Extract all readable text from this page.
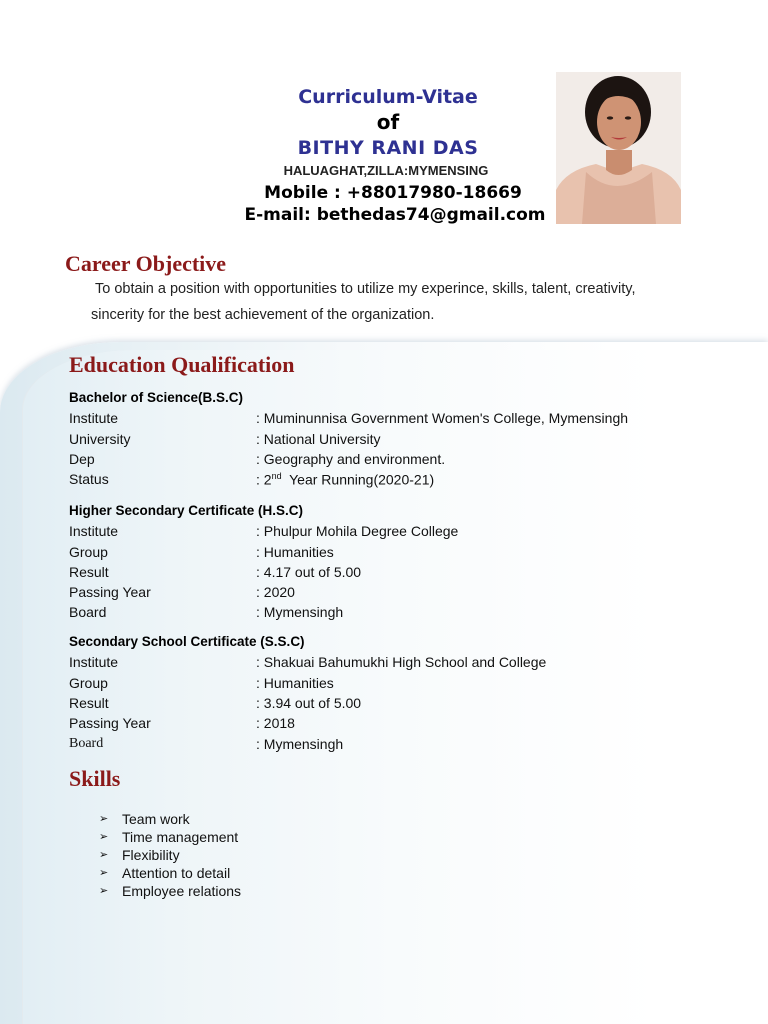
Curriculum-Vitae
of
BITHY RANI DAS
HALUAGHAT,ZILLA:MYMENSING
Mobile : +88017980-18669
E-mail: bethedas74@gmail.com
Career Objective
To obtain a position with opportunities to utilize my experince, skills, talent, creativity,
sincerity for the best achievement of the organization.
Education Qualification
Bachelor of Science(B.S.C)
Institute	: Muminunnisa Government Women's College, Mymensingh
University	: National University
Dep	: Geography and environment.
Status	: 2nd  Year Running(2020-21)
Higher Secondary Certificate (H.S.C)
Institute	: Phulpur Mohila Degree College
Group	: Humanities
Result	: 4.17 out of 5.00
Passing Year	: 2020
Board	: Mymensingh
Secondary School Certificate (S.S.C)
Institute	: Shakuai Bahumukhi High School and College
Group	: Humanities
Result	: 3.94 out of 5.00
Passing Year	: 2018
Board	: Mymensingh
Skills
➢ Team work
➢ Time management
➢ Flexibility
➢ Attention to detail
➢ Employee relations
